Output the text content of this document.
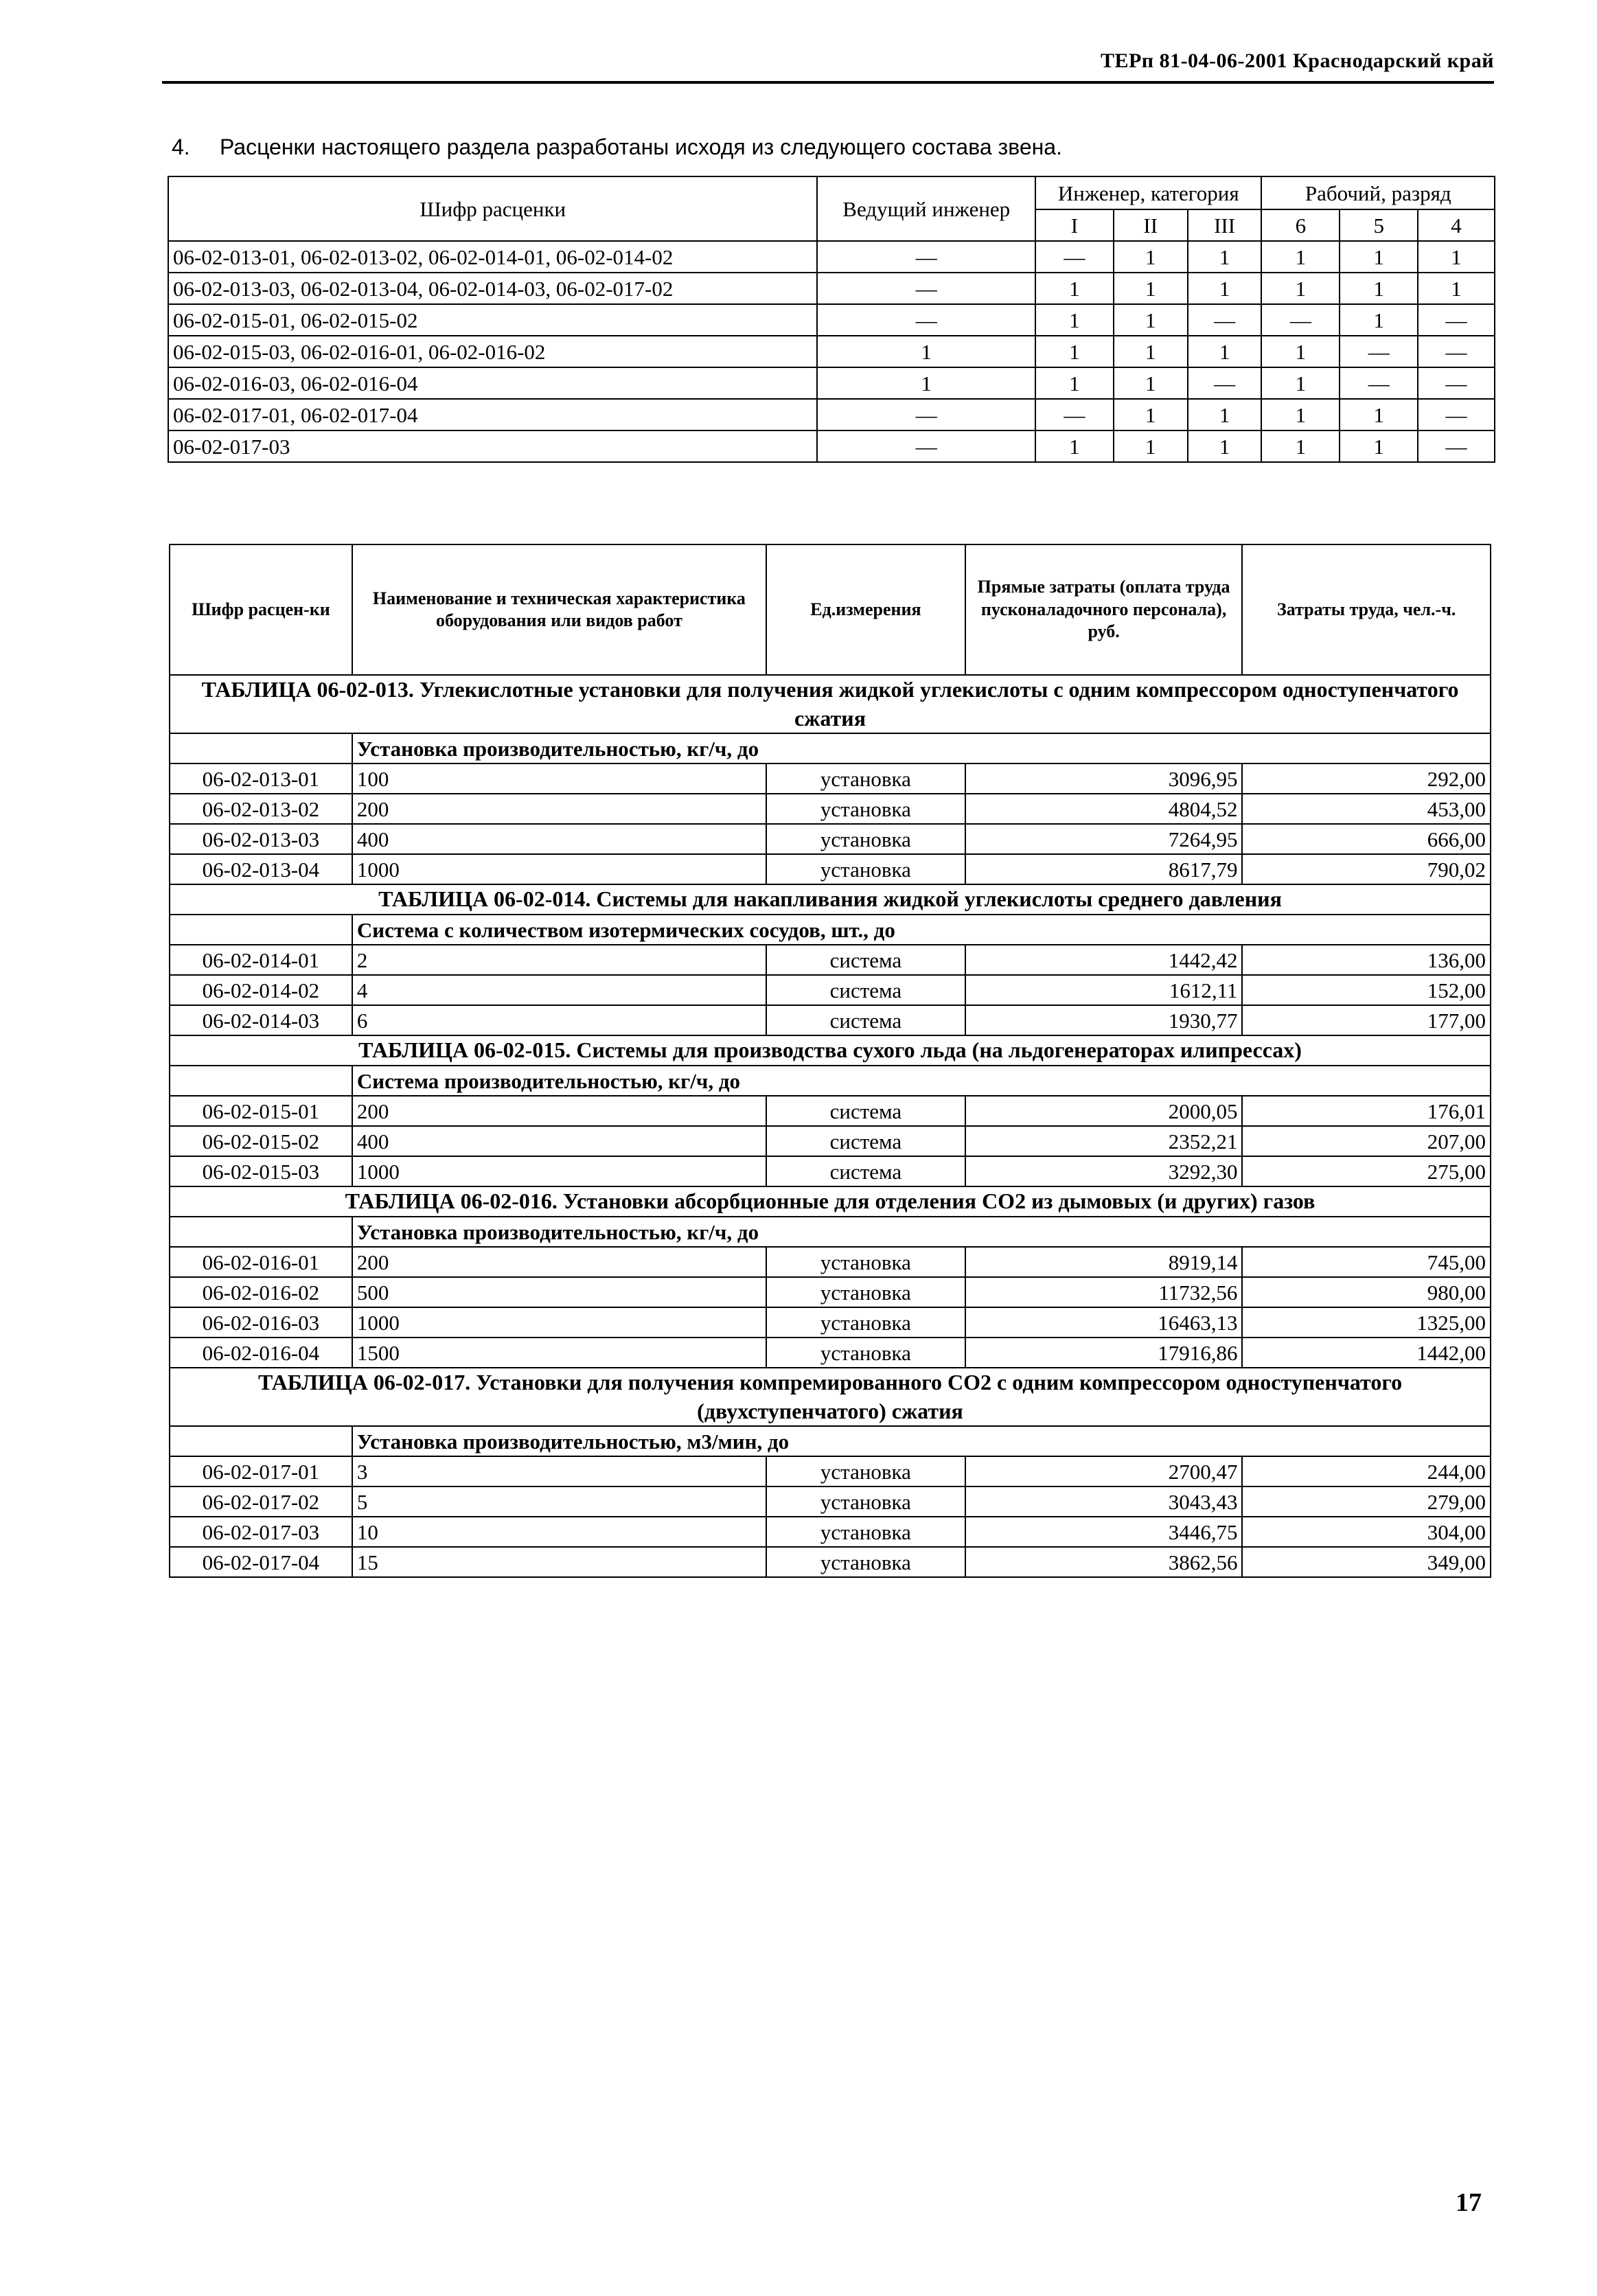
ТЕРп 81-04-06-2001 Краснодарский край
4. Расценки настоящего раздела разработаны исходя из следующего состава звена.
Шифр расценки	Ведущий инженер	Инженер, категория			Рабочий, разряд		
		I	II	III	6	5	4
06-02-013-01, 06-02-013-02, 06-02-014-01, 06-02-014-02	—	—	1	1	1	1	1
06-02-013-03, 06-02-013-04, 06-02-014-03, 06-02-017-02	—	1	1	1	1	1	1
06-02-015-01, 06-02-015-02	—	1	1	—	—	1	—
06-02-015-03, 06-02-016-01, 06-02-016-02	1	1	1	1	1	—	—
06-02-016-03, 06-02-016-04	1	1	1	—	1	—	—
06-02-017-01, 06-02-017-04	—	—	1	1	1	1	—
06-02-017-03	—	1	1	1	1	1	—
Шифр расцен-ки	Наименование и техническая характеристика оборудования или видов работ	Ед.измерения	Прямые затраты (оплата труда пусконаладочного персонала), руб.	Затраты труда, чел.-ч.
ТАБЛИЦА 06-02-013. Углекислотные установки для получения жидкой углекислоты с одним компрессором одноступенчатого сжатия				
	Установка производительностью, кг/ч, до			
06-02-013-01	100	установка	3096,95	292,00
06-02-013-02	200	установка	4804,52	453,00
06-02-013-03	400	установка	7264,95	666,00
06-02-013-04	1000	установка	8617,79	790,02
ТАБЛИЦА 06-02-014. Системы для накапливания жидкой углекислоты среднего давления				
	Система с количеством изотермических сосудов, шт., до			
06-02-014-01	2	система	1442,42	136,00
06-02-014-02	4	система	1612,11	152,00
06-02-014-03	6	система	1930,77	177,00
ТАБЛИЦА 06-02-015. Системы для производства сухого льда (на льдогенераторах илипрессах)				
	Система производительностью, кг/ч, до			
06-02-015-01	200	система	2000,05	176,01
06-02-015-02	400	система	2352,21	207,00
06-02-015-03	1000	система	3292,30	275,00
ТАБЛИЦА 06-02-016. Установки абсорбционные для отделения СО2 из дымовых (и других) газов				
	Установка производительностью, кг/ч, до			
06-02-016-01	200	установка	8919,14	745,00
06-02-016-02	500	установка	11732,56	980,00
06-02-016-03	1000	установка	16463,13	1325,00
06-02-016-04	1500	установка	17916,86	1442,00
ТАБЛИЦА 06-02-017. Установки для получения компремированного СО2 с одним компрессором одноступенчатого (двухступенчатого) сжатия				
	Установка производительностью, м3/мин, до			
06-02-017-01	3	установка	2700,47	244,00
06-02-017-02	5	установка	3043,43	279,00
06-02-017-03	10	установка	3446,75	304,00
06-02-017-04	15	установка	3862,56	349,00
17
